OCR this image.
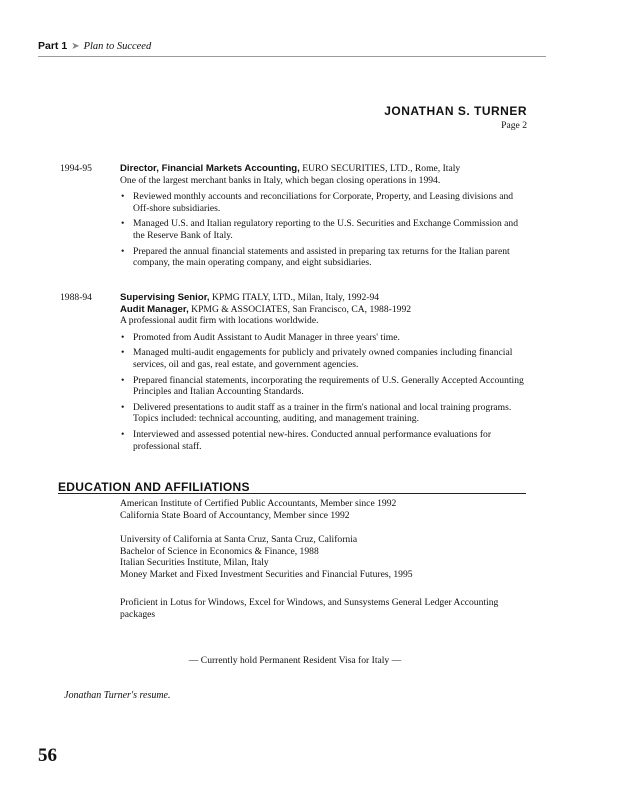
Part 1 ➤ Plan to Succeed
JONATHAN S. TURNER
Page 2
1994-95	Director, Financial Markets Accounting, EURO SECURITIES, LTD., Rome, Italy
One of the largest merchant banks in Italy, which began closing operations in 1994.
• Reviewed monthly accounts and reconciliations for Corporate, Property, and Leasing divisions and Off-shore subsidiaries.
• Managed U.S. and Italian regulatory reporting to the U.S. Securities and Exchange Commission and the Reserve Bank of Italy.
• Prepared the annual financial statements and assisted in preparing tax returns for the Italian parent company, the main operating company, and eight subsidiaries.
1988-94	Supervising Senior, KPMG ITALY, LTD., Milan, Italy, 1992-94
Audit Manager, KPMG & ASSOCIATES, San Francisco, CA, 1988-1992
A professional audit firm with locations worldwide.
• Promoted from Audit Assistant to Audit Manager in three years' time.
• Managed multi-audit engagements for publicly and privately owned companies including financial services, oil and gas, real estate, and government agencies.
• Prepared financial statements, incorporating the requirements of U.S. Generally Accepted Accounting Principles and Italian Accounting Standards.
• Delivered presentations to audit staff as a trainer in the firm's national and local training programs. Topics included: technical accounting, auditing, and management training.
• Interviewed and assessed potential new-hires. Conducted annual performance evaluations for professional staff.
EDUCATION AND AFFILIATIONS
American Institute of Certified Public Accountants, Member since 1992
California State Board of Accountancy, Member since 1992
University of California at Santa Cruz, Santa Cruz, California
Bachelor of Science in Economics & Finance, 1988
Italian Securities Institute, Milan, Italy
Money Market and Fixed Investment Securities and Financial Futures, 1995
Proficient in Lotus for Windows, Excel for Windows, and Sunsystems General Ledger Accounting packages
— Currently hold Permanent Resident Visa for Italy —
Jonathan Turner's resume.
56
